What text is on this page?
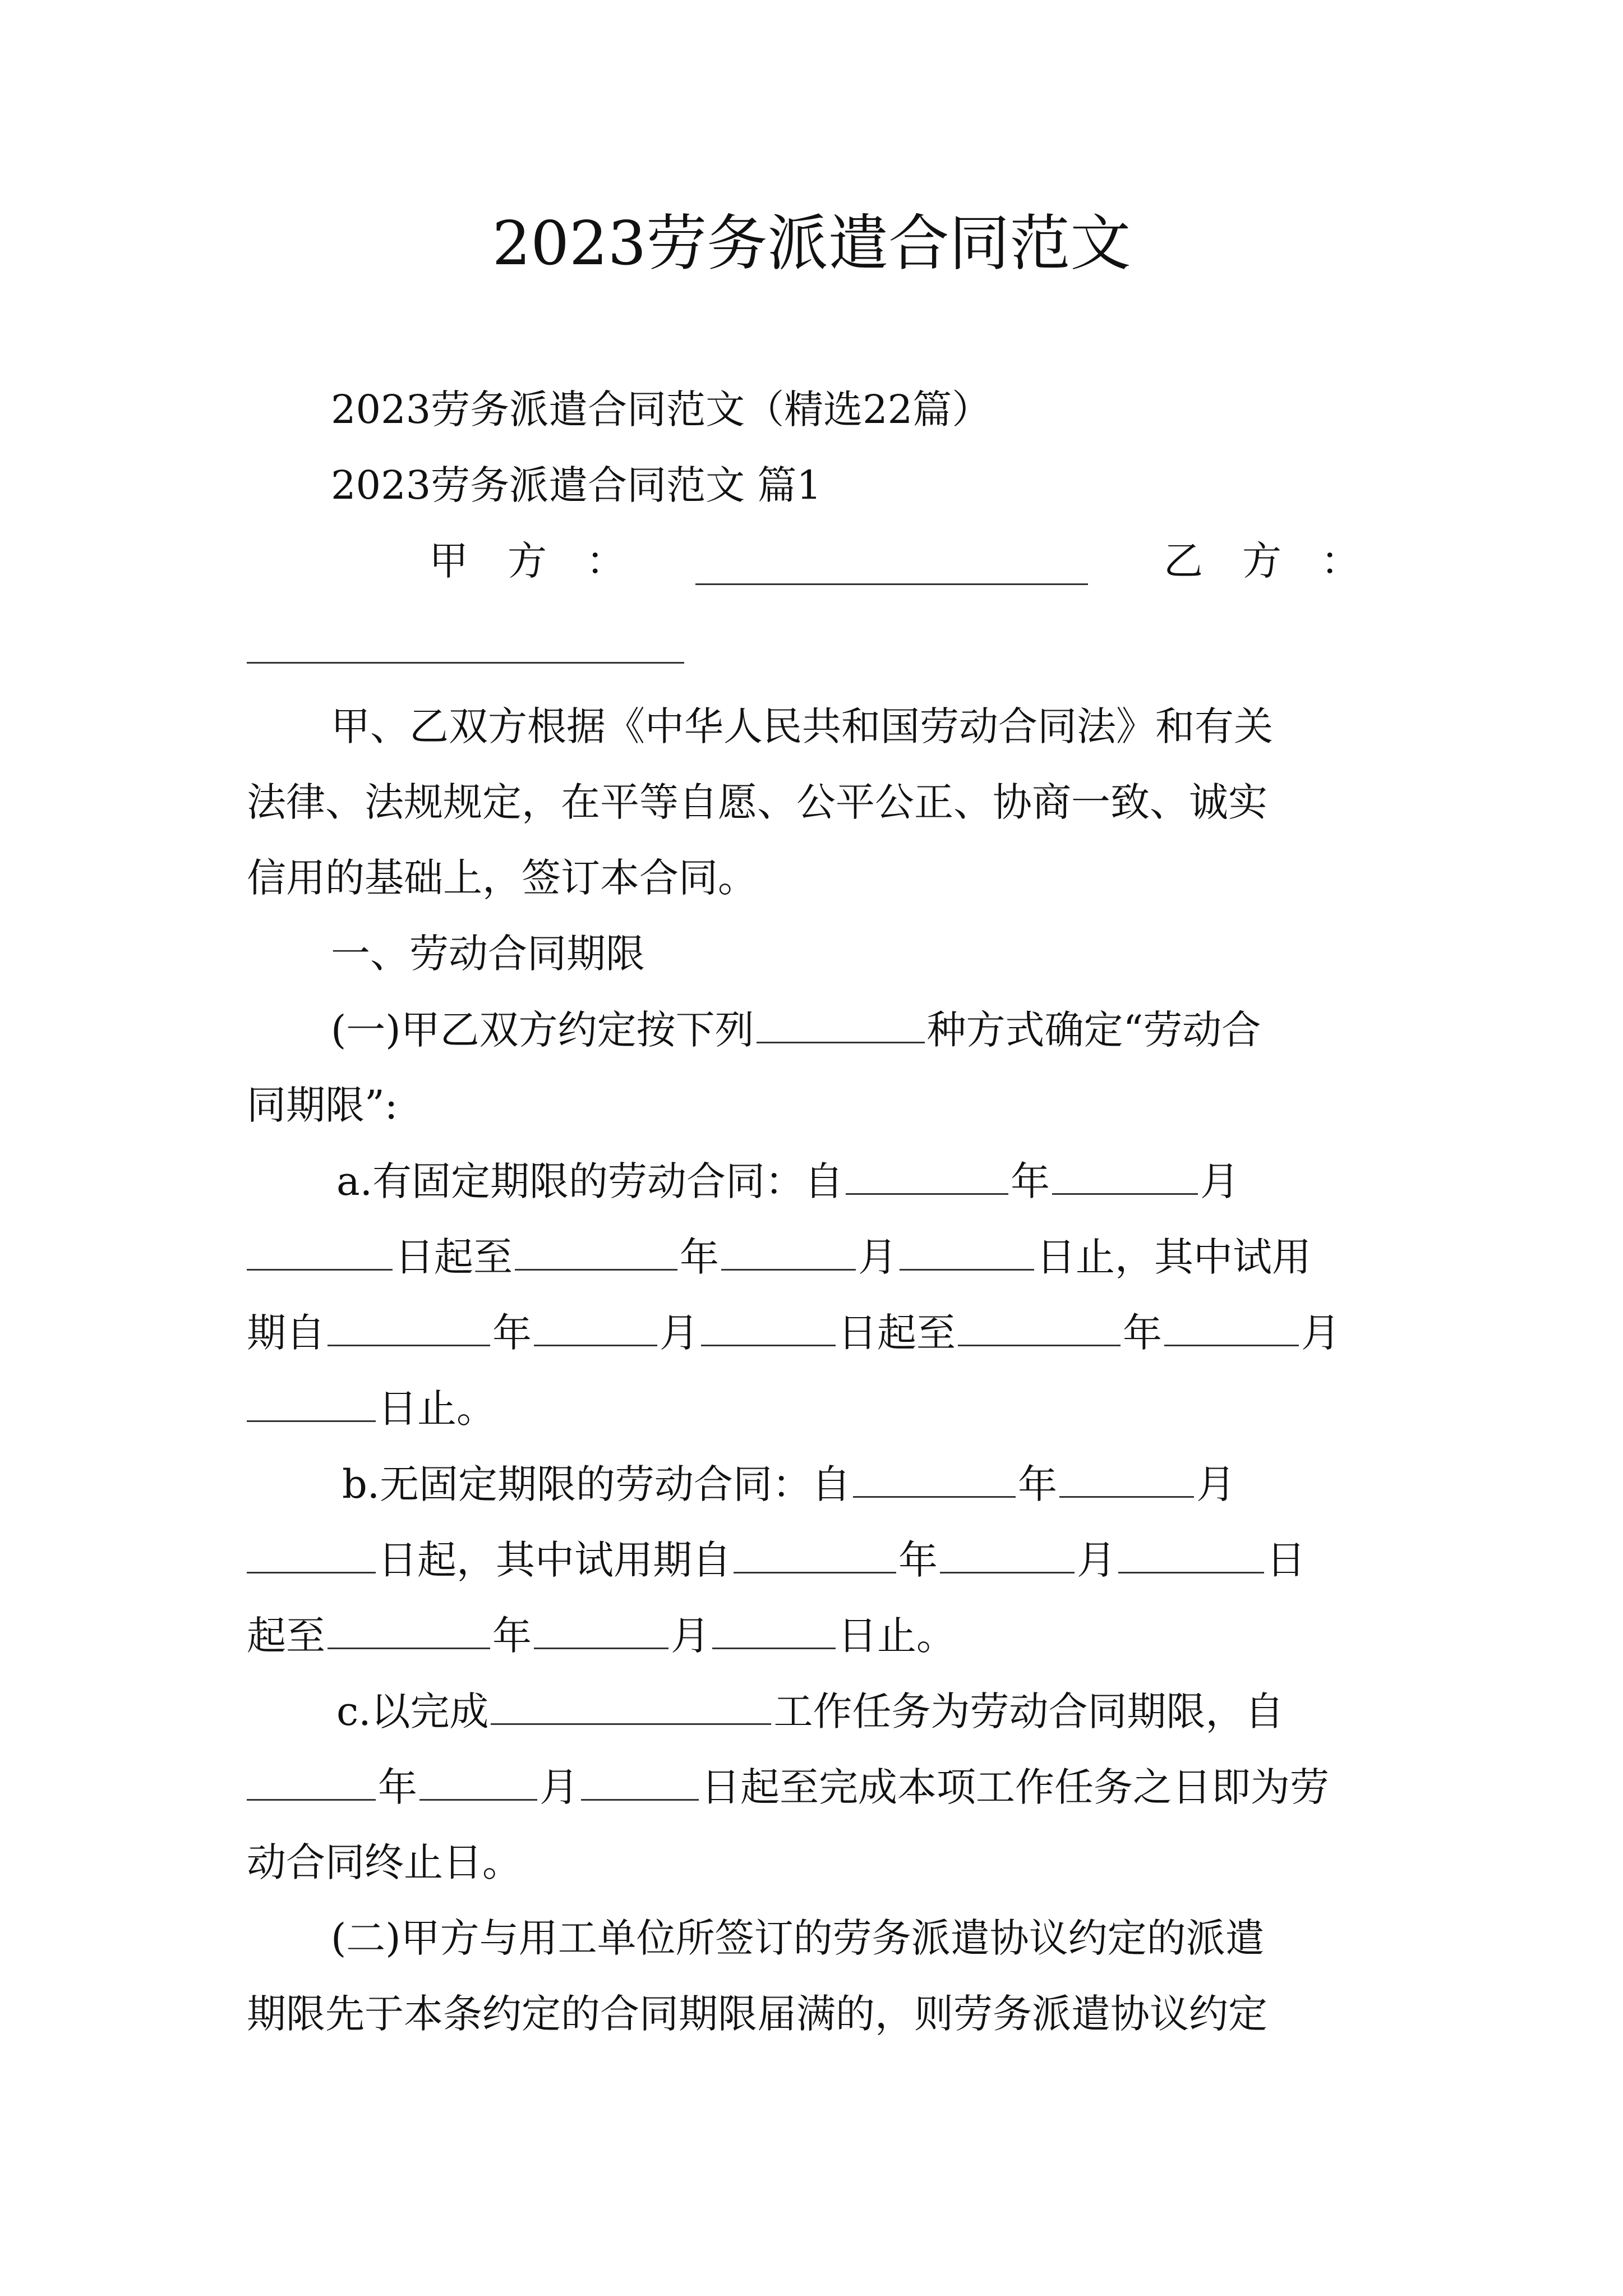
2023劳务派遣合同范文
2023劳务派遣合同范文（精选22篇）
2023劳务派遣合同范文 篇1
甲　方　：	乙　方　：
甲、乙双方根据《中华人民共和国劳动合同法》和有关
法律、法规规定，在平等自愿、公平公正、协商一致、诚实
信用的基础上，签订本合同。
一、劳动合同期限
(一)甲乙双方约定按下列	种方式确定“劳动合
同期限”:
a.有固定期限的劳动合同：自	年	月
日起至	年	月	日止，其中试用
期自	年	月	日起至	年	月
日止。
b.无固定期限的劳动合同：自	年	月
日起，其中试用期自	年	月	日
起至	年	月	日止。
c.以完成	工作任务为劳动合同期限，自
年	月	日起至完成本项工作任务之日即为劳
动合同终止日。
(二)甲方与用工单位所签订的劳务派遣协议约定的派遣
期限先于本条约定的合同期限届满的，则劳务派遣协议约定
